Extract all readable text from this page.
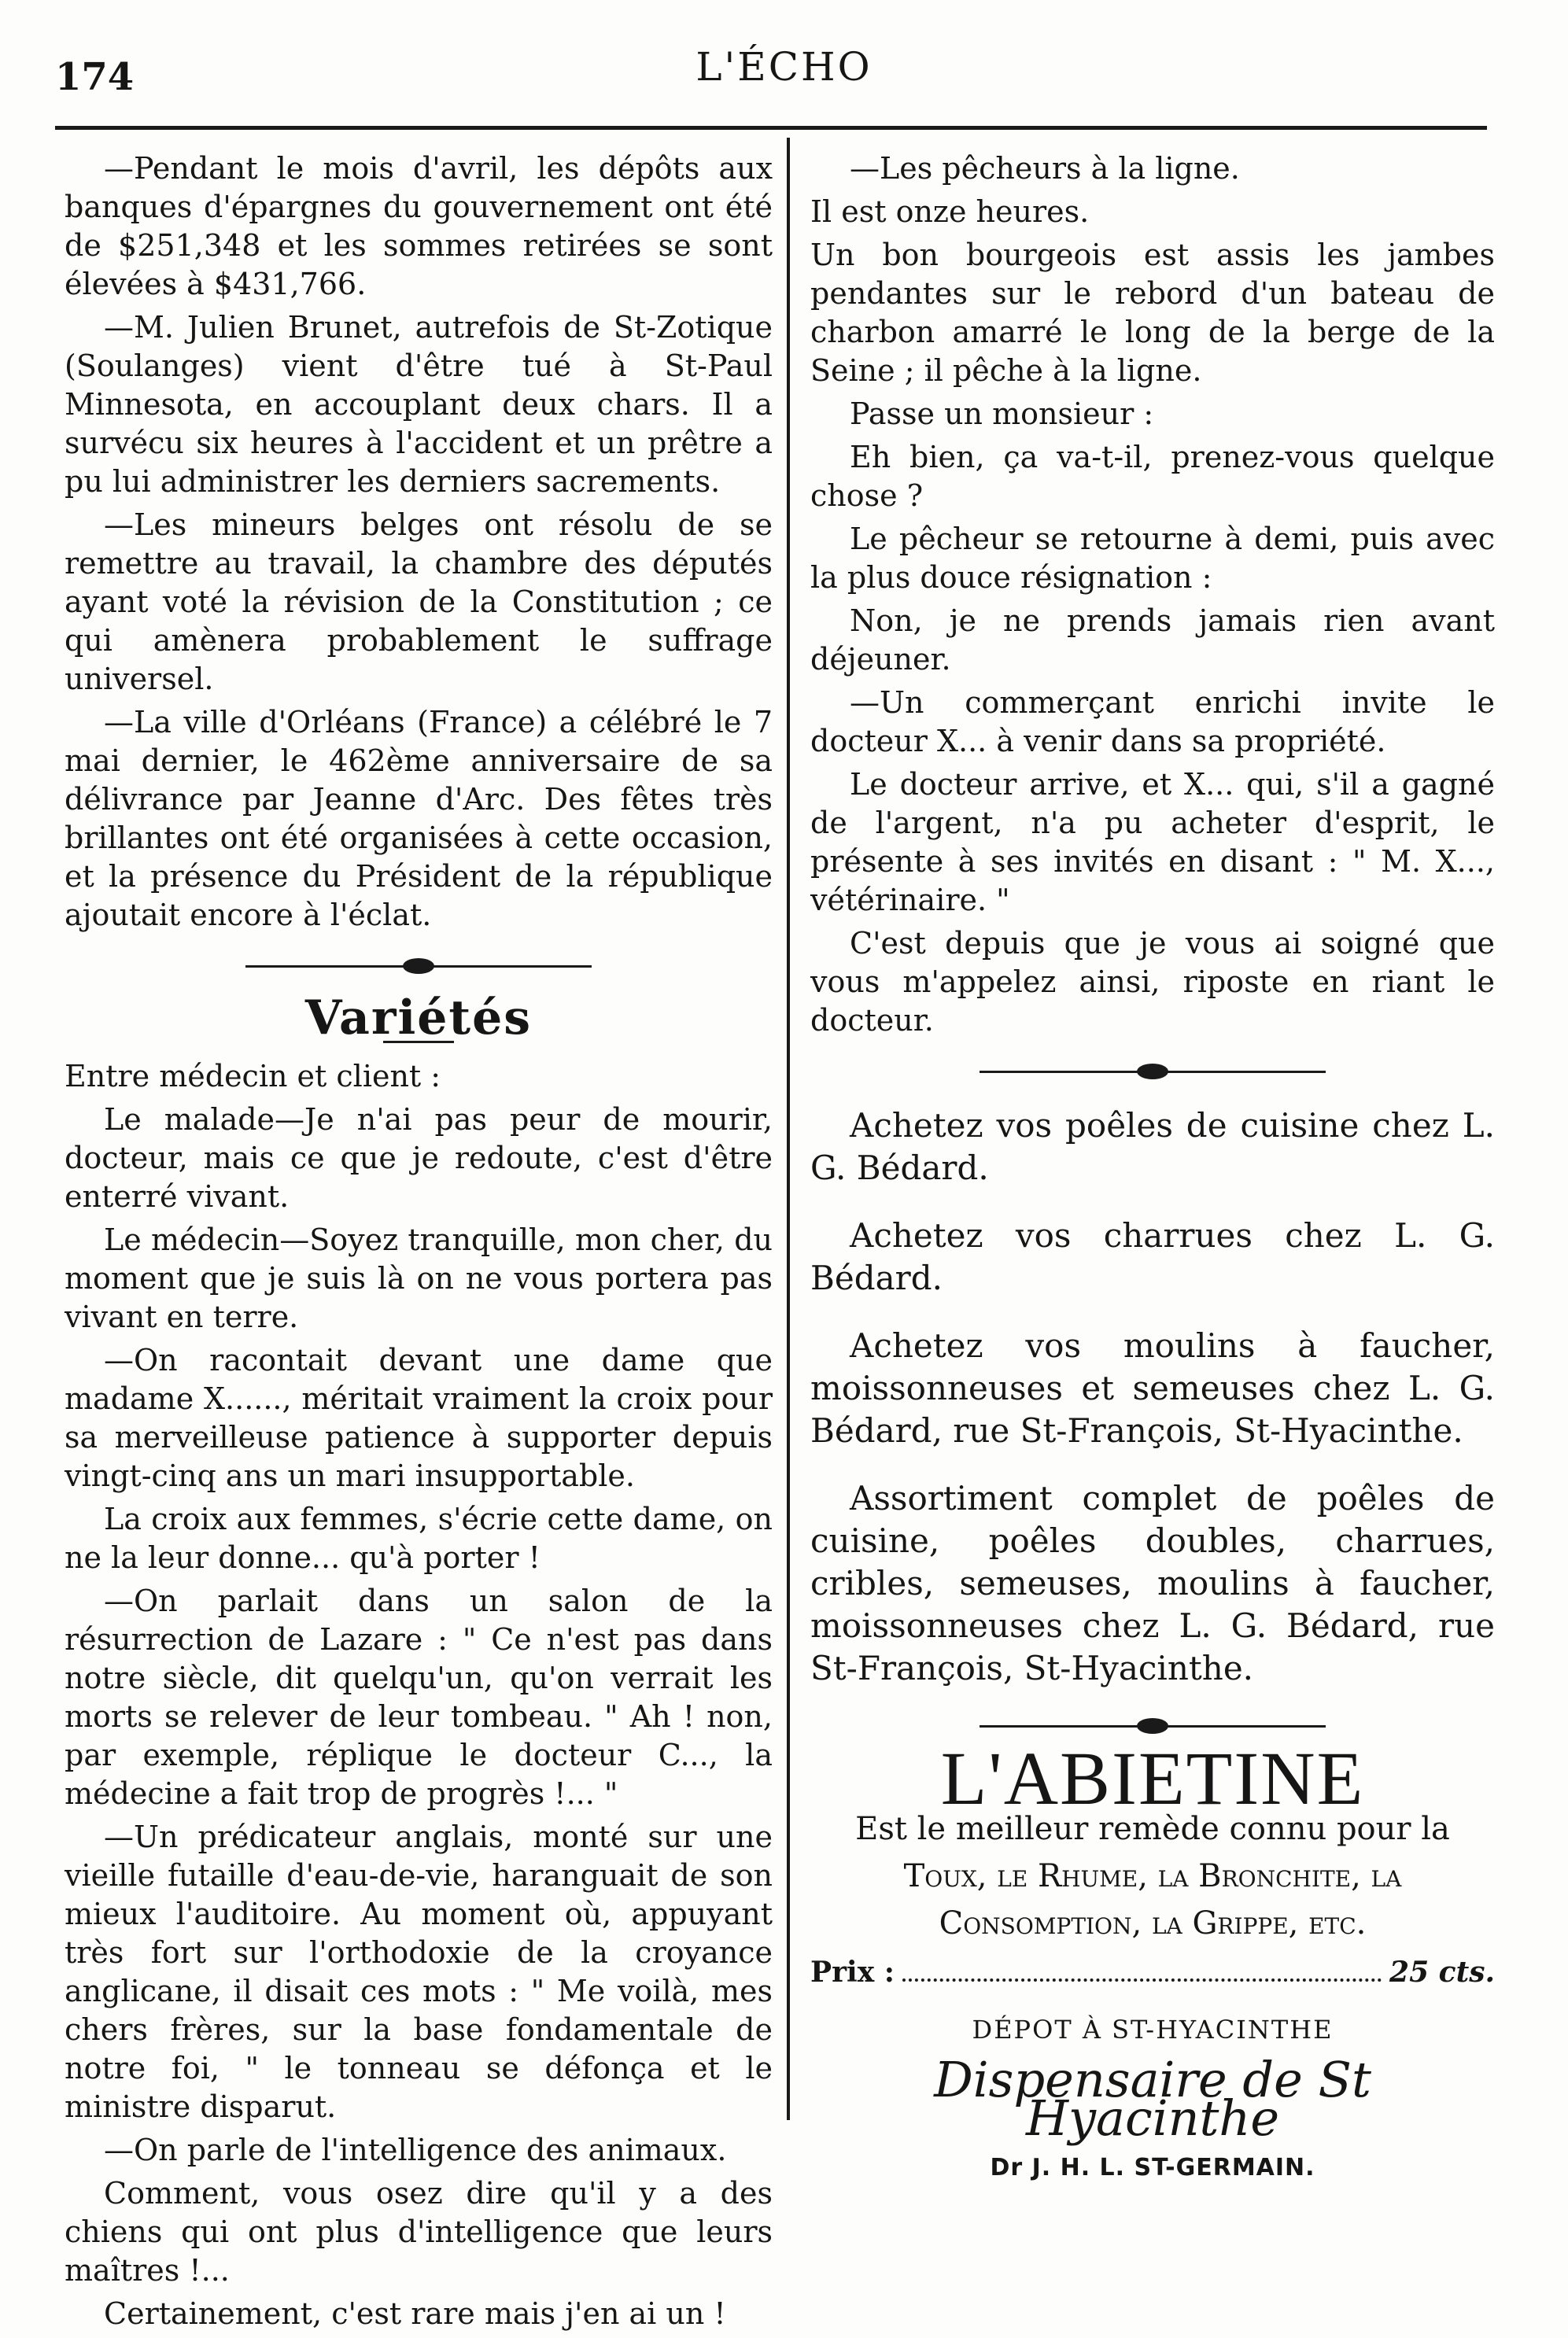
174	L'ÉCHO

—Pendant le mois d'avril, les dépôts aux banques d'épargnes du gouvernement ont été de $251,348 et les sommes retirées se sont élevées à $431,766.

—M. Julien Brunet, autrefois de St-Zotique (Soulanges) vient d'être tué à St-Paul Minnesota, en accouplant deux chars. Il a survécu six heures à l'accident et un prêtre a pu lui administrer les derniers sacrements.

—Les mineurs belges ont résolu de se remettre au travail, la chambre des députés ayant voté la révision de la Constitution ; ce qui amènera probablement le suffrage universel.

—La ville d'Orléans (France) a célébré le 7 mai dernier, le 462ème anniversaire de sa délivrance par Jeanne d'Arc. Des fêtes très brillantes ont été organisées à cette occasion, et la présence du Président de la république ajoutait encore à l'éclat.

Variétés

Entre médecin et client :

Le malade—Je n'ai pas peur de mourir, docteur, mais ce que je redoute, c'est d'être enterré vivant.

Le médecin—Soyez tranquille, mon cher, du moment que je suis là on ne vous portera pas vivant en terre.

—On racontait devant une dame que madame X......, méritait vraiment la croix pour sa merveilleuse patience à supporter depuis vingt-cinq ans un mari insupportable.

La croix aux femmes, s'écrie cette dame, on ne la leur donne... qu'à porter !

—On parlait dans un salon de la résurrection de Lazare : " Ce n'est pas dans notre siècle, dit quelqu'un, qu'on verrait les morts se relever de leur tombeau. " Ah ! non, par exemple, réplique le docteur C..., la médecine a fait trop de progrès !... "

—Un prédicateur anglais, monté sur une vieille futaille d'eau-de-vie, haranguait de son mieux l'auditoire. Au moment où, appuyant très fort sur l'orthodoxie de la croyance anglicane, il disait ces mots : " Me voilà, mes chers frères, sur la base fondamentale de notre foi, " le tonneau se défonça et le ministre disparut.

—On parle de l'intelligence des animaux.

Comment, vous osez dire qu'il y a des chiens qui ont plus d'intelligence que leurs maîtres !...

Certainement, c'est rare mais j'en ai un !

—Les pêcheurs à la ligne.

Il est onze heures.

Un bon bourgeois est assis les jambes pendantes sur le rebord d'un bateau de charbon amarré le long de la berge de la Seine ; il pêche à la ligne.

Passe un monsieur :

Eh bien, ça va-t-il, prenez-vous quelque chose ?

Le pêcheur se retourne à demi, puis avec la plus douce résignation :

Non, je ne prends jamais rien avant déjeuner.

—Un commerçant enrichi invite le docteur X... à venir dans sa propriété.

Le docteur arrive, et X... qui, s'il a gagné de l'argent, n'a pu acheter d'esprit, le présente à ses invités en disant : " M. X..., vétérinaire. "

C'est depuis que je vous ai soigné que vous m'appelez ainsi, riposte en riant le docteur.

Achetez vos poêles de cuisine chez L. G. Bédard.

Achetez vos charrues chez L. G. Bédard.

Achetez vos moulins à faucher, moissonneuses et semeuses chez L. G. Bédard, rue St-François, St-Hyacinthe.

Assortiment complet de poêles de cuisine, poêles doubles, charrues, cribles, semeuses, moulins à faucher, moissonneuses chez L. G. Bédard, rue St-François, St-Hyacinthe.

L'ABIETINE
Est le meilleur remède connu pour la
Toux, le Rhume, la Bronchite, la
Consomption, la Grippe, etc.
Prix :	25 cts.
DÉPOT À ST-HYACINTHE
Dispensaire de St Hyacinthe
Dr J. H. L. ST-GERMAIN.
